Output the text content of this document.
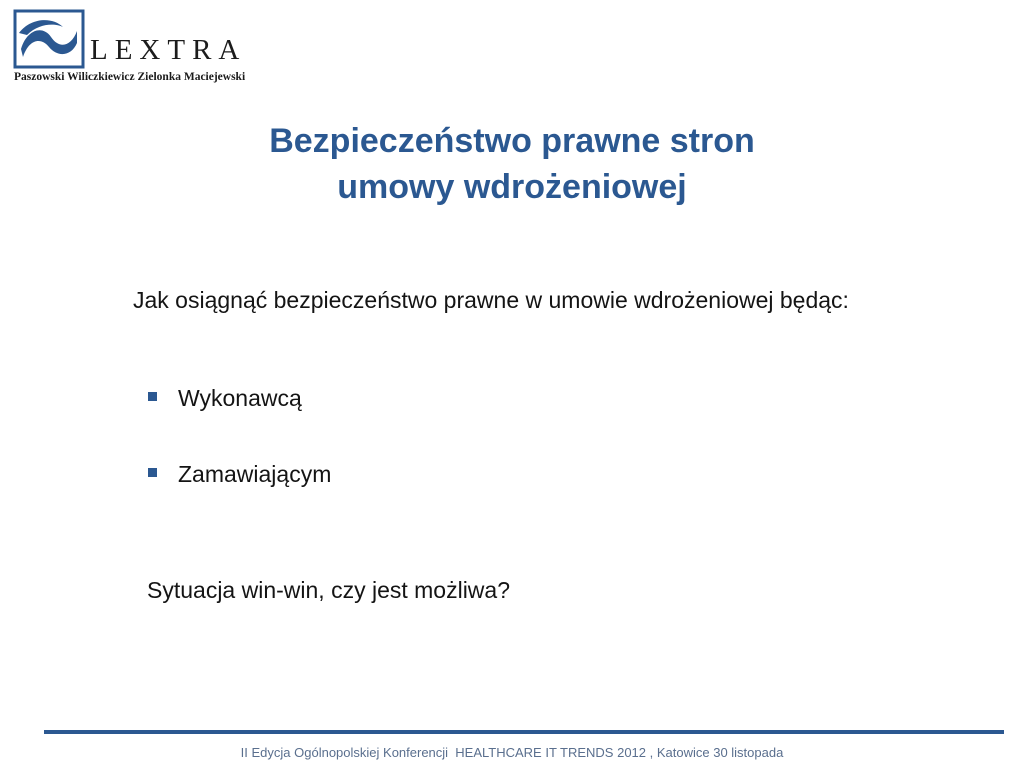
LEXTRA

Paszowski Wiliczkiewicz Zielonka Maciejewski

Bezpieczeństwo prawne stron
umowy wdrożeniowej

Jak osiągnąć bezpieczeństwo prawne w umowie wdrożeniowej będąc:

Wykonawcą

Zamawiającym

Sytuacja win-win, czy jest możliwa?

II Edycja Ogólnopolskiej Konferencji  HEALTHCARE IT TRENDS 2012 , Katowice 30 listopada
